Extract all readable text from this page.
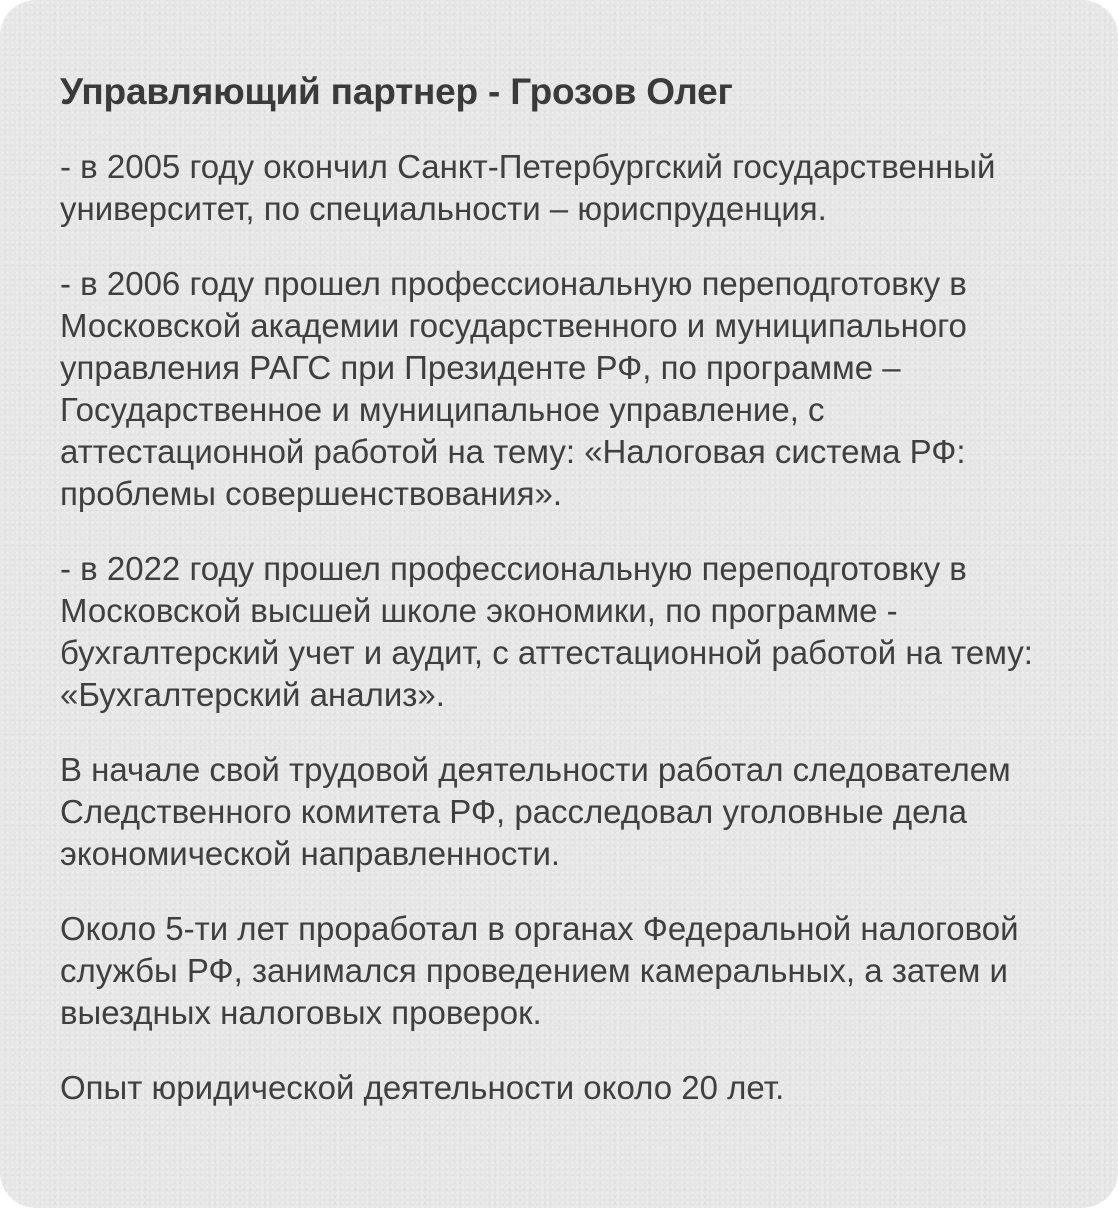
Управляющий партнер - Грозов Олег

- в 2005 году окончил Санкт-Петербургский государственный университет, по специальности – юриспруденция.

- в 2006 году прошел профессиональную переподготовку в Московской академии государственного и муниципального управления РАГС при Президенте РФ, по программе – Государственное и муниципальное управление, с аттестационной работой на тему: «Налоговая система РФ: проблемы совершенствования».

- в 2022 году прошел профессиональную переподготовку в Московской высшей школе экономики, по программе - бухгалтерский учет и аудит, с аттестационной работой на тему: «Бухгалтерский анализ».

В начале свой трудовой деятельности работал следователем Следственного комитета РФ, расследовал уголовные дела экономической направленности.

Около 5-ти лет проработал в органах Федеральной налоговой службы РФ, занимался проведением камеральных, а затем и выездных налоговых проверок.

Опыт юридической деятельности около 20 лет.
